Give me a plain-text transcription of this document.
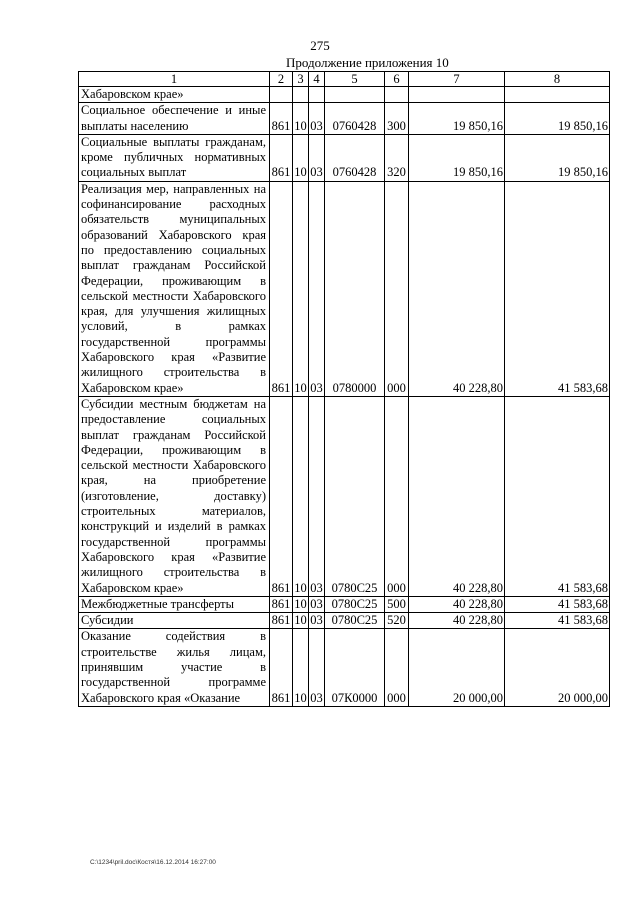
275
Продолжение приложения 10
1	2	3	4	5	6	7	8
Хабаровском крае»							
Социальное обеспечение и иные выплаты населению	861	10	03	0760428	300	19 850,16	19 850,16
Социальные выплаты гражданам, кроме публичных нормативных социальных выплат	861	10	03	0760428	320	19 850,16	19 850,16
Реализация мер, направленных на софинансирование расходных обязательств муниципальных образований Хабаровского края по предоставлению социальных выплат гражданам Российской Федерации, проживающим в сельской местности Хабаровского края, для улучшения жилищных условий, в рамках государственной программы Хабаровского края «Развитие жилищного строительства в Хабаровском крае»	861	10	03	0780000	000	40 228,80	41 583,68
Субсидии местным бюджетам на предоставление социальных выплат гражданам Российской Федерации, проживающим в сельской местности Хабаровского края, на приобретение (изготовление, доставку) строительных материалов, конструкций и изделий в рамках государственной программы Хабаровского края «Развитие жилищного строительства в Хабаровском крае»	861	10	03	0780С25	000	40 228,80	41 583,68
Межбюджетные трансферты	861	10	03	0780С25	500	40 228,80	41 583,68
Субсидии	861	10	03	0780С25	520	40 228,80	41 583,68
Оказание содействия в строительстве жилья лицам, принявшим участие в государственной программе Хабаровского края «Оказание	861	10	03	07К0000	000	20 000,00	20 000,00
C:\1234\pril.doc\Костя\16.12.2014 16:27:00
